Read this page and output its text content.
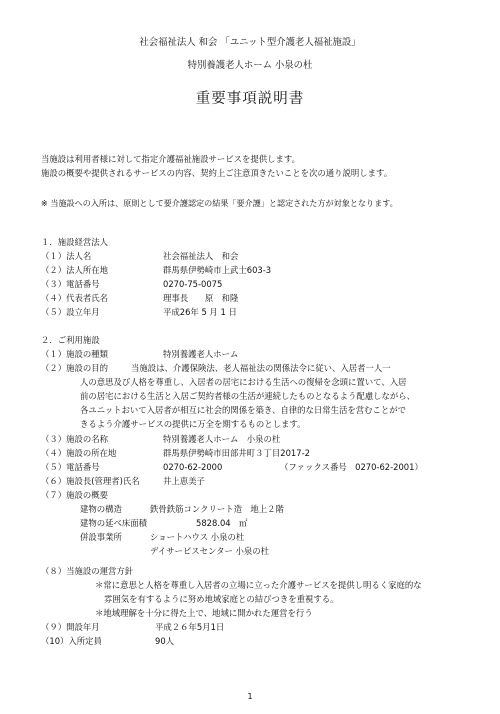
社会福祉法人 和会 「ユニット型介護老人福祉施設」
特別養護老人ホーム 小泉の杜
重要事項説明書
当施設は利用者様に対して指定介護福祉施設サービスを提供します。
施設の概要や提供されるサービスの内容、契約上ご注意頂きたいことを次の通り説明します。
※ 当施設への入所は、原則として要介護認定の結果「要介護」と認定された方が対象となります。
１．施設経営法人
（１）法人名	社会福祉法人　和会
（２）法人所在地	群馬県伊勢崎市上武士603-3
（３）電話番号	0270-75-0075
（４）代表者氏名	理事長　　原　和隆
（５）設立年月	平成26年 5 月 1 日
２．ご利用施設
（１）施設の種類	特別養護老人ホーム
（２）施設の目的	当施設は、介護保険法、老人福祉法の関係法令に従い、入居者一人一
人の意思及び人格を尊重し、入居者の居宅における生活への復帰を念頭に置いて、入居
前の居宅における生活と入居ご契約者様の生活が連続したものとなるよう配慮しながら、
各ユニットおいて入居者が相互に社会的関係を築き、自律的な日常生活を営むことがで
きるよう介護サービスの提供に万全を期するものとします。
（３）施設の名称	特別養護老人ホーム　小泉の杜
（４）施設の所在地	群馬県伊勢崎市田部井町３丁目2017-2
（５）電話番号	0270-62-2000	（ファックス番号　0270-62-2001）
（６）施設長(管理者)氏名	井上恵美子
（７）施設の概要
建物の構造	鉄骨鉄筋コンクリート造　地上２階
建物の延べ床面積	5828.04　㎡
併設事業所	ショートハウス 小泉の杜
デイサービスセンター 小泉の杜
（８）当施設の運営方針
＊常に意思と人格を尊重し入居者の立場に立った介護サービスを提供し明るく家庭的な
雰囲気を有するように努め地域家庭との結びつきを重視する。
＊地域理解を十分に得た上で、地域に開かれた運営を行う
（９）開設年月	平成２６年5月1日
（10）入所定員	90人
1
